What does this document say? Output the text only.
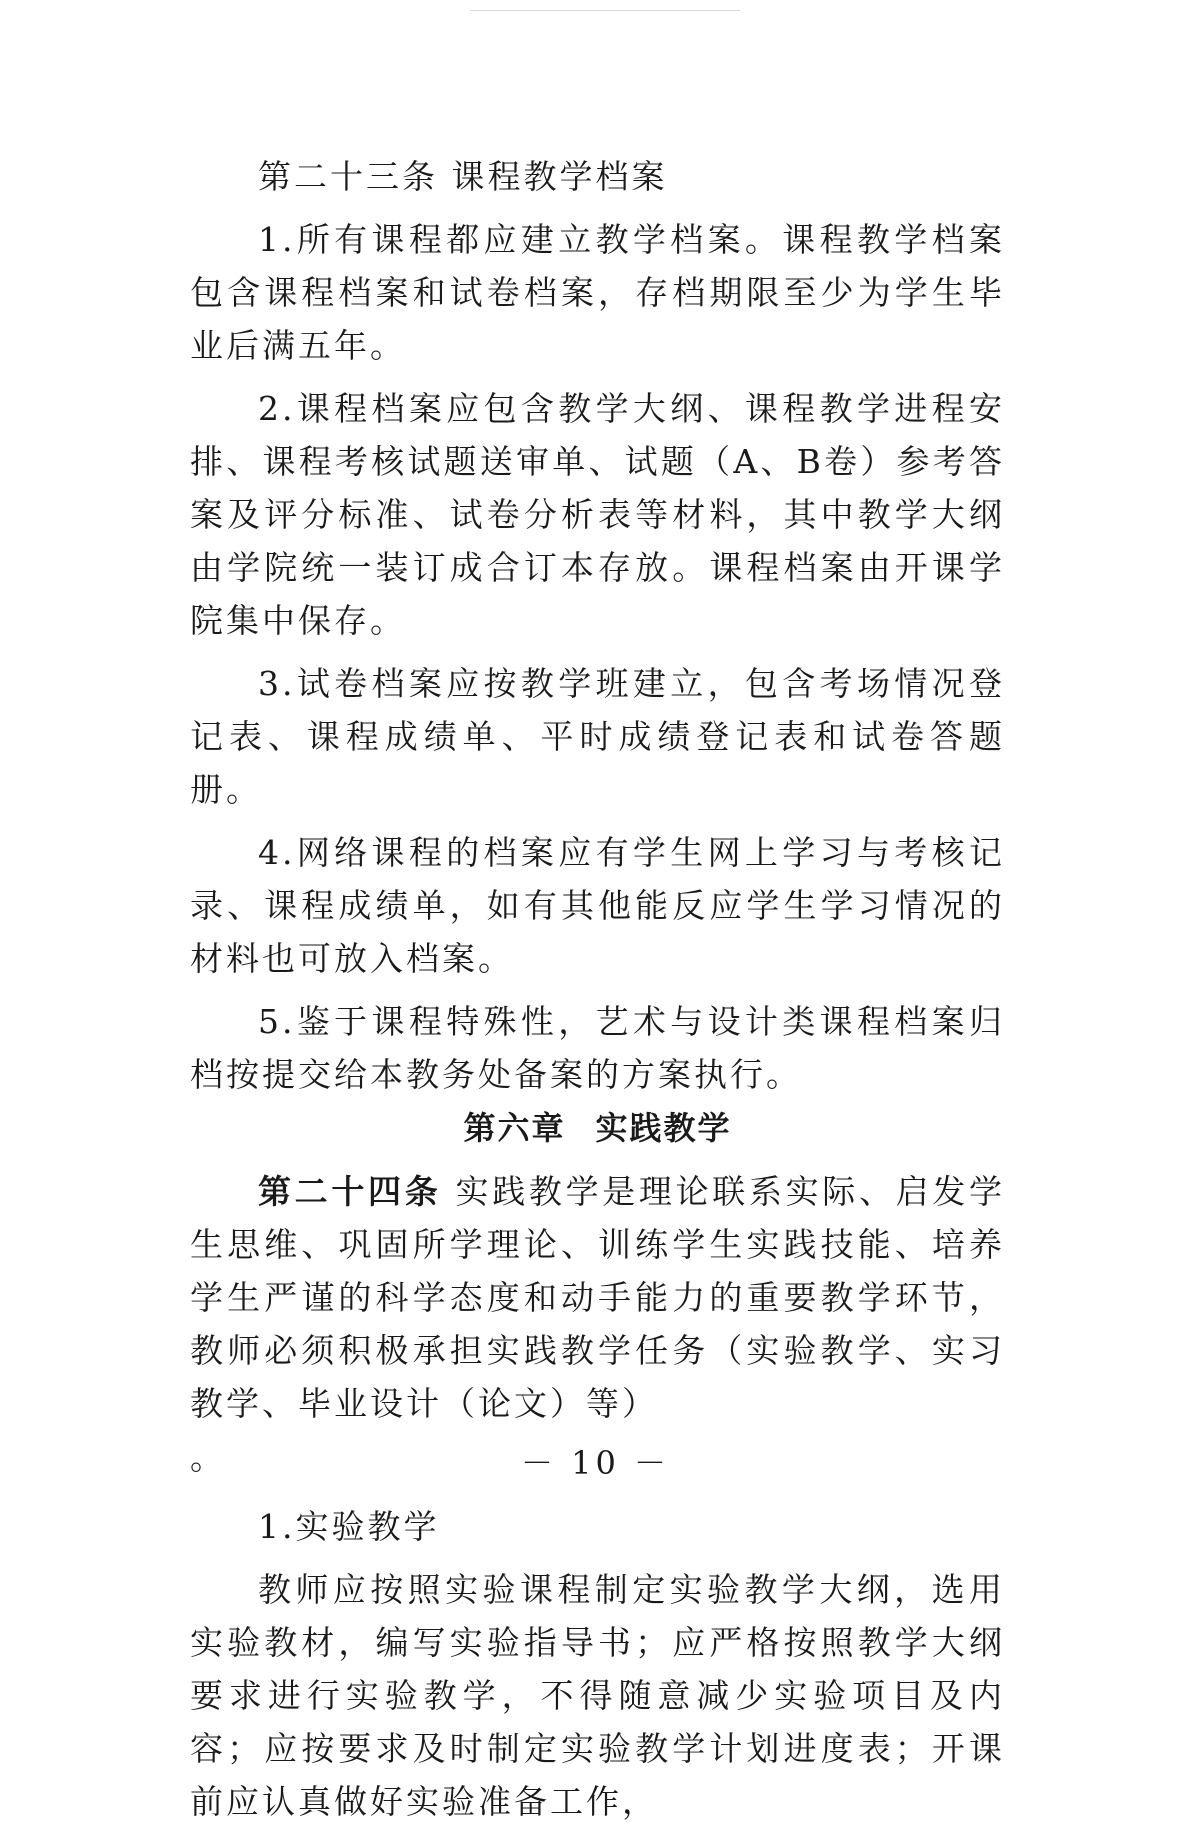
第二十三条 课程教学档案

1.所有课程都应建立教学档案。课程教学档案包含课程档案和试卷档案，存档期限至少为学生毕业后满五年。

2.课程档案应包含教学大纲、课程教学进程安排、课程考核试题送审单、试题（A、B卷）参考答案及评分标准、试卷分析表等材料，其中教学大纲由学院统一装订成合订本存放。课程档案由开课学院集中保存。

3.试卷档案应按教学班建立，包含考场情况登记表、课程成绩单、平时成绩登记表和试卷答题册。

4.网络课程的档案应有学生网上学习与考核记录、课程成绩单，如有其他能反应学生学习情况的材料也可放入档案。

5.鉴于课程特殊性，艺术与设计类课程档案归档按提交给本教务处备案的方案执行。

第六章 实践教学

第二十四条 实践教学是理论联系实际、启发学生思维、巩固所学理论、训练学生实践技能、培养学生严谨的科学态度和动手能力的重要教学环节，教师必须积极承担实践教学任务（实验教学、实习教学、毕业设计（论文）等）

。

1.实验教学

教师应按照实验课程制定实验教学大纲，选用实验教材，编写实验指导书；应严格按照教学大纲要求进行实验教学，不得随意减少实验项目及内容；应按要求及时制定实验教学计划进度表；开课前应认真做好实验准备工作，

－ 10 －
